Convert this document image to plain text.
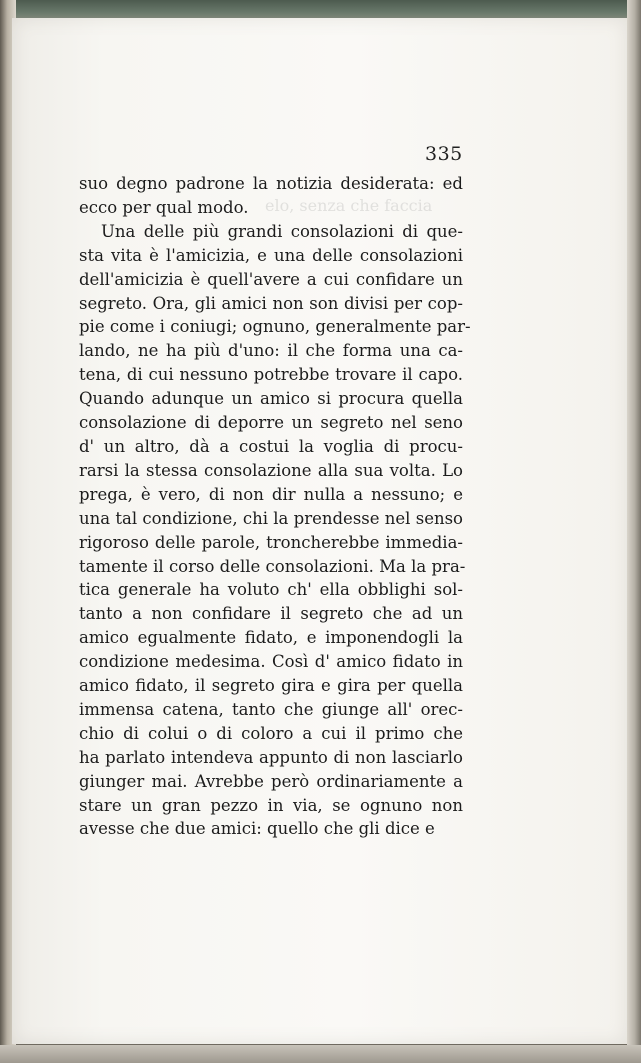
elo, senza che faccia

335

suo degno padrone la notizia desiderata: ed
ecco per qual modo.
Una delle più grandi consolazioni di que-
sta vita è l'amicizia, e una delle consolazioni
dell'amicizia è quell'avere a cui confidare un
segreto. Ora, gli amici non son divisi per cop-
pie come i coniugi; ognuno, generalmente par-
lando, ne ha più d'uno: il che forma una ca-
tena, di cui nessuno potrebbe trovare il capo.
Quando adunque un amico si procura quella
consolazione di deporre un segreto nel seno
d' un altro, dà a costui la voglia di procu-
rarsi la stessa consolazione alla sua volta. Lo
prega, è vero, di non dir nulla a nessuno; e
una tal condizione, chi la prendesse nel senso
rigoroso delle parole, troncherebbe immedia-
tamente il corso delle consolazioni. Ma la pra-
tica generale ha voluto ch' ella obblighi sol-
tanto a non confidare il segreto che ad un
amico egualmente fidato, e imponendogli la
condizione medesima. Così d' amico fidato in
amico fidato, il segreto gira e gira per quella
immensa catena, tanto che giunge all' orec-
chio di colui o di coloro a cui il primo che
ha parlato intendeva appunto di non lasciarlo
giunger mai. Avrebbe però ordinariamente a
stare un gran pezzo in via, se ognuno non
avesse che due amici: quello che gli dice e
